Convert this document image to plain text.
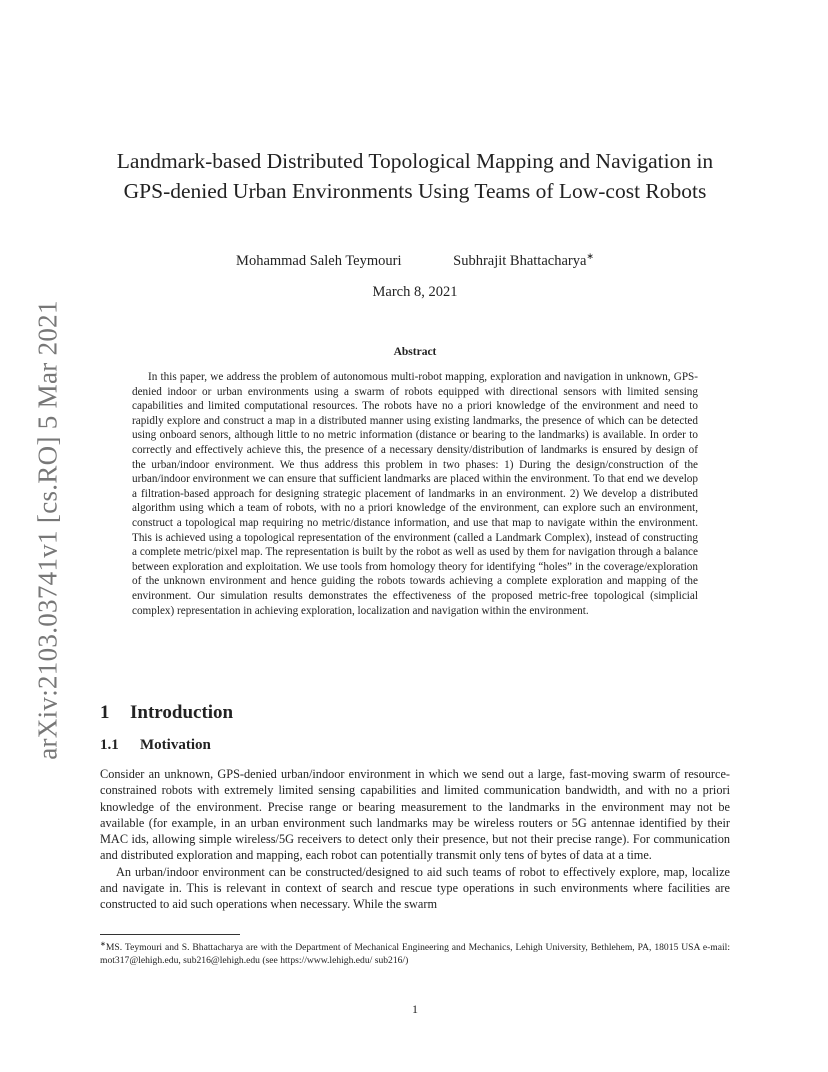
arXiv:2103.03741v1 [cs.RO] 5 Mar 2021
Landmark-based Distributed Topological Mapping and Navigation in GPS-denied Urban Environments Using Teams of Low-cost Robots
Mohammad Saleh Teymouri	Subhrajit Bhattacharya∗
March 8, 2021
Abstract
In this paper, we address the problem of autonomous multi-robot mapping, exploration and navigation in unknown, GPS-denied indoor or urban environments using a swarm of robots equipped with directional sensors with limited sensing capabilities and limited computational resources. The robots have no a priori knowledge of the environment and need to rapidly explore and construct a map in a distributed manner using existing landmarks, the presence of which can be detected using onboard senors, although little to no metric information (distance or bearing to the landmarks) is available. In order to correctly and effectively achieve this, the presence of a necessary density/distribution of landmarks is ensured by design of the urban/indoor environment. We thus address this problem in two phases: 1) During the design/construction of the urban/indoor environment we can ensure that sufficient landmarks are placed within the environment. To that end we develop a filtration-based approach for designing strategic placement of landmarks in an environment. 2) We develop a distributed algorithm using which a team of robots, with no a priori knowledge of the environment, can explore such an environment, construct a topological map requiring no metric/distance information, and use that map to navigate within the environment. This is achieved using a topological representation of the environment (called a Landmark Complex), instead of constructing a complete metric/pixel map. The representation is built by the robot as well as used by them for navigation through a balance between exploration and exploitation. We use tools from homology theory for identifying “holes” in the coverage/exploration of the unknown environment and hence guiding the robots towards achieving a complete exploration and mapping of the environment. Our simulation results demonstrates the effectiveness of the proposed metric-free topological (simplicial complex) representation in achieving exploration, localization and navigation within the environment.
1 Introduction
1.1 Motivation

Consider an unknown, GPS-denied urban/indoor environment in which we send out a large, fast-moving swarm of resource-constrained robots with extremely limited sensing capabilities and limited communication bandwidth, and with no a priori knowledge of the environment. Precise range or bearing measurement to the landmarks in the environment may not be available (for example, in an urban environment such landmarks may be wireless routers or 5G antennae identified by their MAC ids, allowing simple wireless/5G receivers to detect only their presence, but not their precise range). For communication and distributed exploration and mapping, each robot can potentially transmit only tens of bytes of data at a time.

An urban/indoor environment can be constructed/designed to aid such teams of robot to effectively explore, map, localize and navigate in. This is relevant in context of search and rescue type operations in such environments where facilities are constructed to aid such operations when necessary. While the swarm

∗MS. Teymouri and S. Bhattacharya are with the Department of Mechanical Engineering and Mechanics, Lehigh University, Bethlehem, PA, 18015 USA e-mail: mot317@lehigh.edu, sub216@lehigh.edu (see https://www.lehigh.edu/ sub216/)
1
